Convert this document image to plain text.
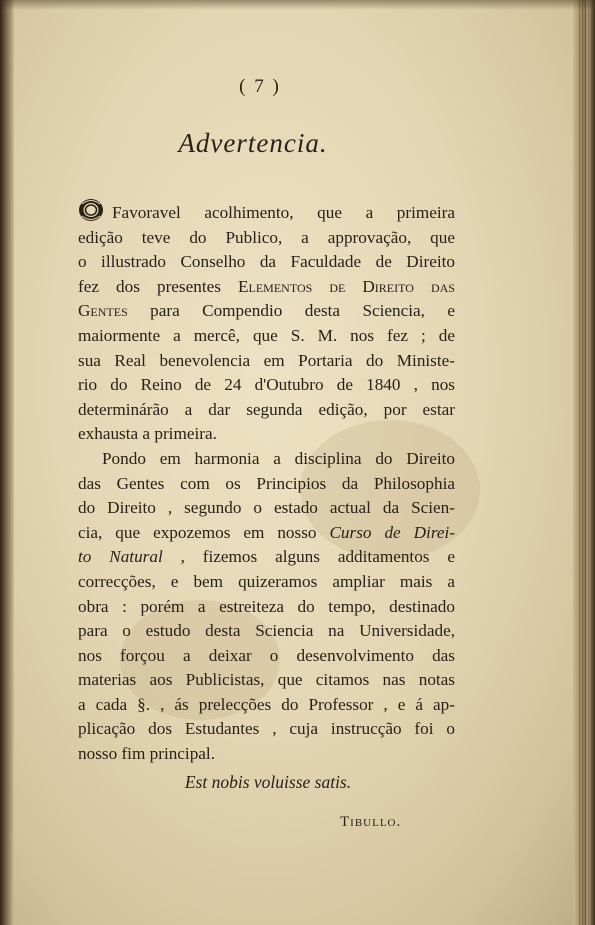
( 7 )
Advertencia.
Favoravel acolhimento, que a primeira
edição teve do Publico, a approvação, que
o illustrado Conselho da Faculdade de Direito
fez dos presentes Elementos de Direito das
Gentes para Compendio desta Sciencia, e
maiormente a mercê, que S. M. nos fez ; de
sua Real benevolencia em Portaria do Ministe-
rio do Reino de 24 d'Outubro de 1840 , nos
determinárão a dar segunda edição, por estar
exhausta a primeira.
Pondo em harmonia a disciplina do Direito
das Gentes com os Principios da Philosophia
do Direito , segundo o estado actual da Scien-
cia, que expozemos em nosso Curso de Direi-
to Natural , fizemos alguns additamentos e
correcções, e bem quizeramos ampliar mais a
obra : porém a estreiteza do tempo, destinado
para o estudo desta Sciencia na Universidade,
nos forçou a deixar o desenvolvimento das
materias aos Publicistas, que citamos nas notas
a cada §. , ás prelecções do Professor , e á ap-
plicação dos Estudantes , cuja instrucção foi o
nosso fim principal.
Est nobis voluisse satis.
Tibullo.
